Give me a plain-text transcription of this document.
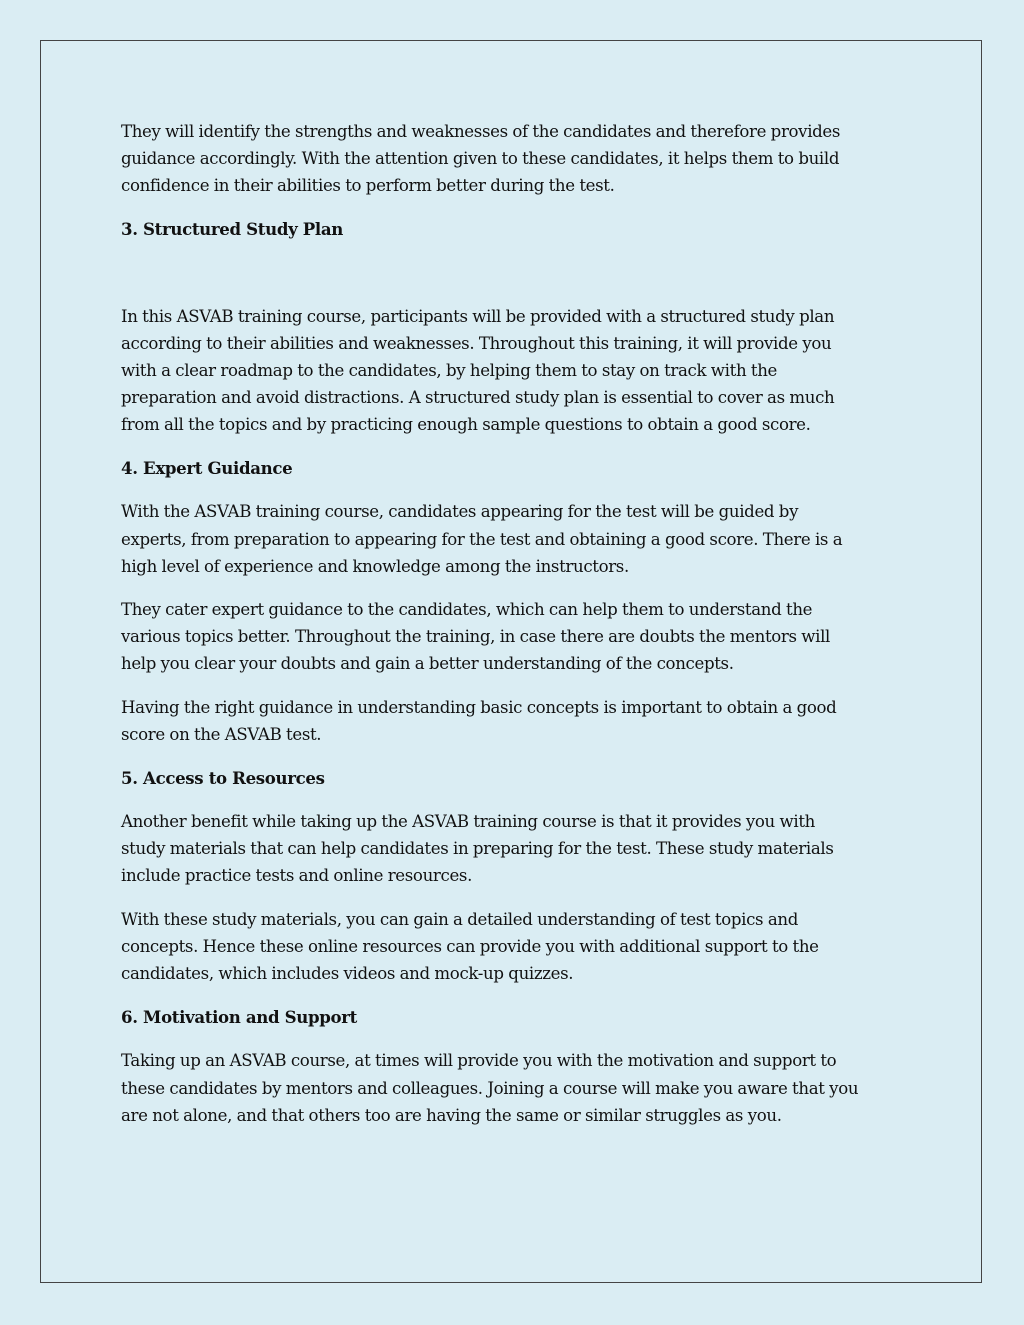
They will identify the strengths and weaknesses of the candidates and therefore provides
guidance accordingly. With the attention given to these candidates, it helps them to build
confidence in their abilities to perform better during the test.

3. Structured Study Plan

In this ASVAB training course, participants will be provided with a structured study plan
according to their abilities and weaknesses. Throughout this training, it will provide you
with a clear roadmap to the candidates, by helping them to stay on track with the
preparation and avoid distractions. A structured study plan is essential to cover as much
from all the topics and by practicing enough sample questions to obtain a good score.

4. Expert Guidance

With the ASVAB training course, candidates appearing for the test will be guided by
experts, from preparation to appearing for the test and obtaining a good score. There is a
high level of experience and knowledge among the instructors.

They cater expert guidance to the candidates, which can help them to understand the
various topics better. Throughout the training, in case there are doubts the mentors will
help you clear your doubts and gain a better understanding of the concepts.

Having the right guidance in understanding basic concepts is important to obtain a good
score on the ASVAB test.

5. Access to Resources

Another benefit while taking up the ASVAB training course is that it provides you with
study materials that can help candidates in preparing for the test. These study materials
include practice tests and online resources.

With these study materials, you can gain a detailed understanding of test topics and
concepts. Hence these online resources can provide you with additional support to the
candidates, which includes videos and mock-up quizzes.

6. Motivation and Support

Taking up an ASVAB course, at times will provide you with the motivation and support to
these candidates by mentors and colleagues. Joining a course will make you aware that you
are not alone, and that others too are having the same or similar struggles as you.
